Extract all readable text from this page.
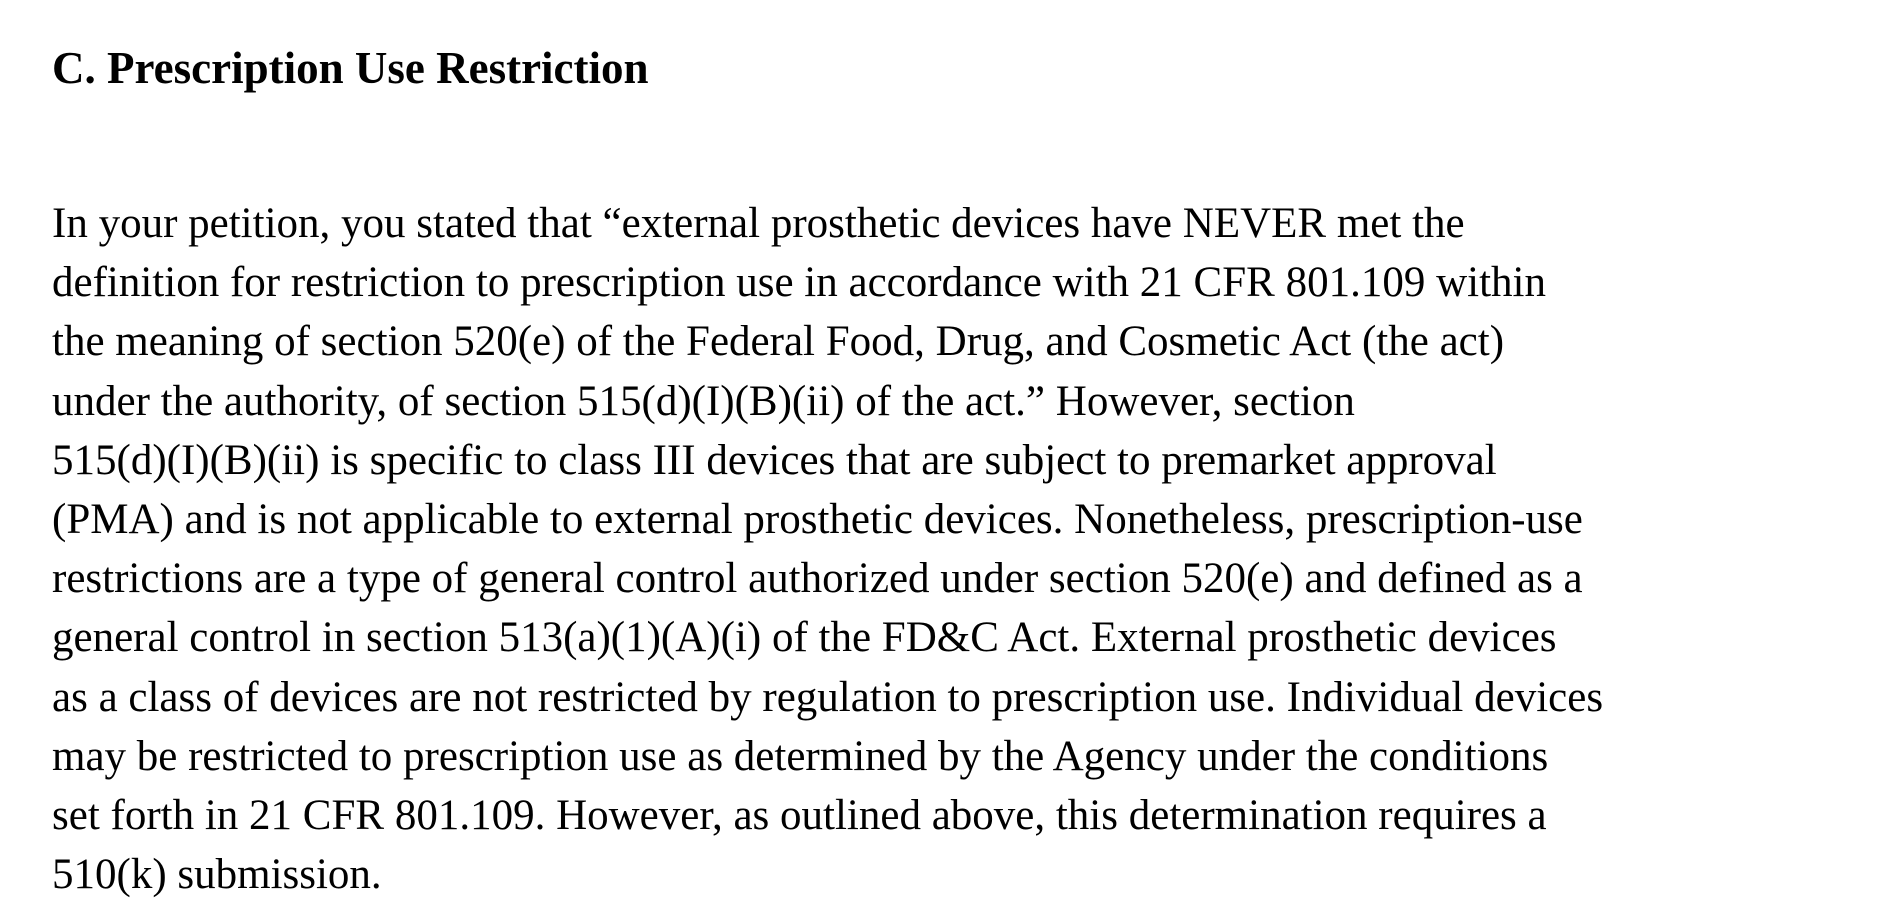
C. Prescription Use Restriction
In your petition, you stated that “external prosthetic devices have NEVER met the
definition for restriction to prescription use in accordance with 21 CFR 801.109 within
the meaning of section 520(e) of the Federal Food, Drug, and Cosmetic Act (the act)
under the authority, of section 515(d)(I)(B)(ii) of the act.” However, section
515(d)(I)(B)(ii) is specific to class III devices that are subject to premarket approval
(PMA) and is not applicable to external prosthetic devices. Nonetheless, prescription-use
restrictions are a type of general control authorized under section 520(e) and defined as a
general control in section 513(a)(1)(A)(i) of the FD&C Act. External prosthetic devices
as a class of devices are not restricted by regulation to prescription use. Individual devices
may be restricted to prescription use as determined by the Agency under the conditions
set forth in 21 CFR 801.109. However, as outlined above, this determination requires a
510(k) submission.
